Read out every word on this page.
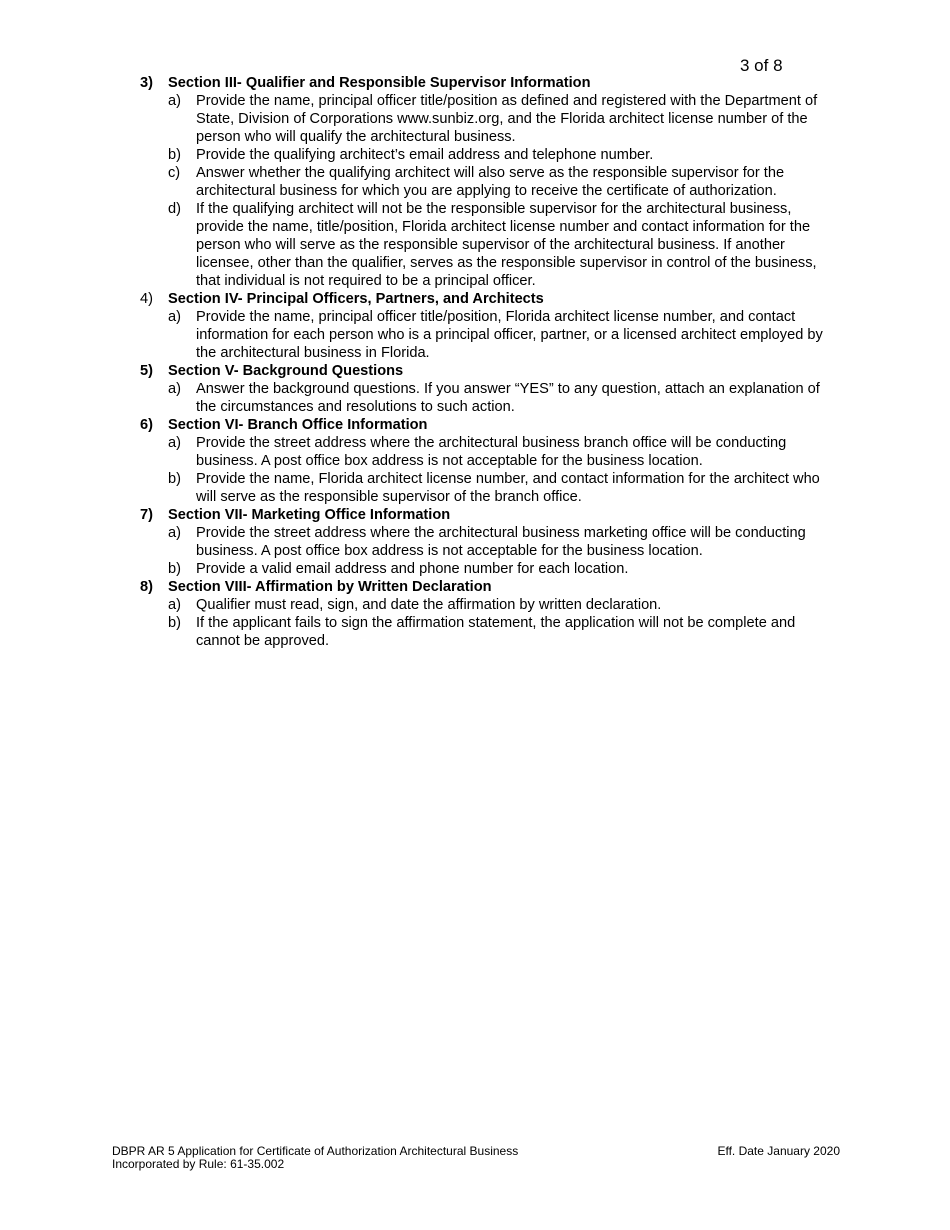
3 of 8
3)	Section III- Qualifier and Responsible Supervisor Information
a)	Provide the name, principal officer title/position as defined and registered with the Department of State, Division of Corporations www.sunbiz.org, and the Florida architect license number of the person who will qualify the architectural business.
b)	Provide the qualifying architect’s email address and telephone number.
c)	Answer whether the qualifying architect will also serve as the responsible supervisor for the architectural business for which you are applying to receive the certificate of authorization.
d)	If the qualifying architect will not be the responsible supervisor for the architectural business, provide the name, title/position, Florida architect license number and contact information for the person who will serve as the responsible supervisor of the architectural business. If another licensee, other than the qualifier, serves as the responsible supervisor in control of the business, that individual is not required to be a principal officer.
4)	Section IV- Principal Officers, Partners, and Architects
a)	Provide the name, principal officer title/position, Florida architect license number, and contact information for each person who is a principal officer, partner, or a licensed architect employed by the architectural business in Florida.
5)	Section V- Background Questions
a)	Answer the background questions. If you answer “YES” to any question, attach an explanation of the circumstances and resolutions to such action.
6)	Section VI- Branch Office Information
a)	Provide the street address where the architectural business branch office will be conducting business. A post office box address is not acceptable for the business location.
b)	Provide the name, Florida architect license number, and contact information for the architect who will serve as the responsible supervisor of the branch office.
7)	Section VII- Marketing Office Information
a)	Provide the street address where the architectural business marketing office will be conducting business. A post office box address is not acceptable for the business location.
b)	Provide a valid email address and phone number for each location.
8)	Section VIII- Affirmation by Written Declaration
a)	Qualifier must read, sign, and date the affirmation by written declaration.
b)	If the applicant fails to sign the affirmation statement, the application will not be complete and cannot be approved.
DBPR AR 5 Application for Certificate of Authorization Architectural Business	Eff. Date January 2020
Incorporated by Rule: 61-35.002
